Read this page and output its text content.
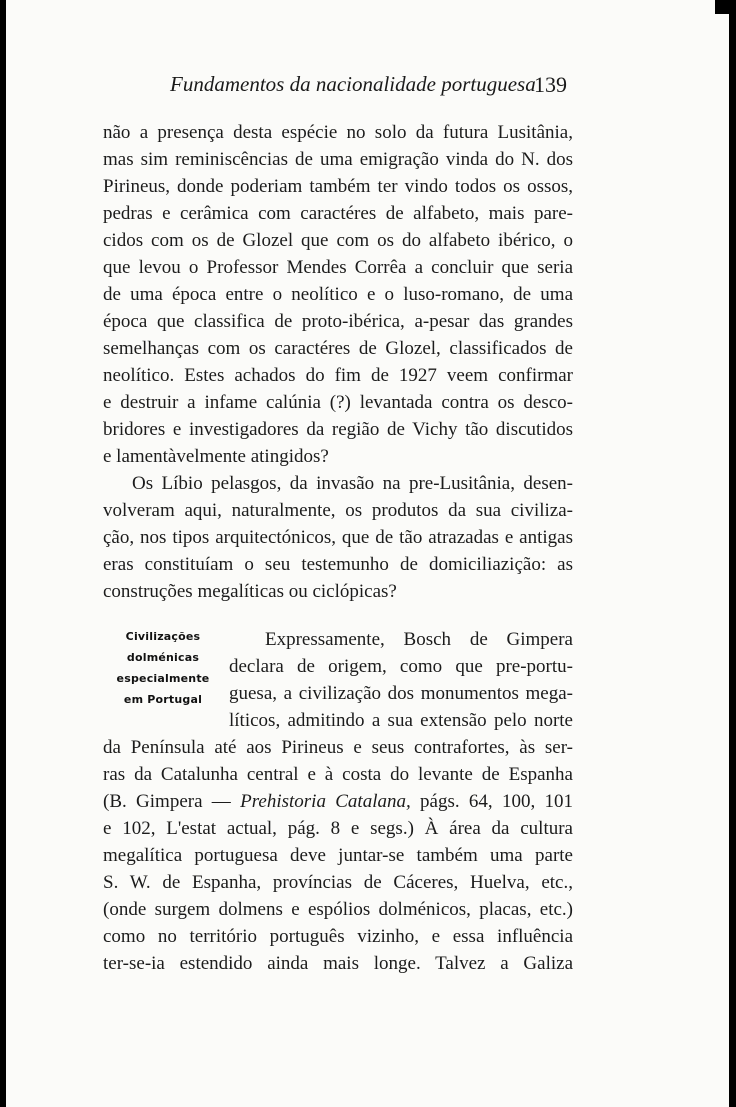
Fundamentos da nacionalidade portuguesa
139
não a presença desta espécie no solo da futura Lusitânia,
mas sim reminiscências de uma emigração vinda do N. dos
Pirineus, donde poderiam também ter vindo todos os ossos,
pedras e cerâmica com caractéres de alfabeto, mais pare-
cidos com os de Glozel que com os do alfabeto ibérico, o
que levou o Professor Mendes Corrêa a concluir que seria
de uma época entre o neolítico e o luso-romano, de uma
época que classifica de proto-ibérica, a-pesar das grandes
semelhanças com os caractéres de Glozel, classificados de
neolítico. Estes achados do fim de 1927 veem confirmar
e destruir a infame calúnia (?) levantada contra os desco-
bridores e investigadores da região de Vichy tão discutidos
e lamentàvelmente atingidos?
Os Líbio pelasgos, da invasão na pre-Lusitânia, desen-
volveram aqui, naturalmente, os produtos da sua civiliza-
ção, nos tipos arquitectónicos, que de tão atrazadas e antigas
eras constituíam o seu testemunho de domiciliazição: as
construções megalíticas ou ciclópicas?
Civilizações
dolménicas
especialmente
em Portugal
Expressamente, Bosch de Gimpera
declara de origem, como que pre-portu-
guesa, a civilização dos monumentos mega-
líticos, admitindo a sua extensão pelo norte
da Península até aos Pirineus e seus contrafortes, às ser-
ras da Catalunha central e à costa do levante de Espanha
(B. Gimpera — Prehistoria Catalana, págs. 64, 100, 101
e 102, L'estat actual, pág. 8 e segs.) À área da cultura
megalítica portuguesa deve juntar-se também uma parte
S. W. de Espanha, províncias de Cáceres, Huelva, etc.,
(onde surgem dolmens e espólios dolménicos, placas, etc.)
como no território português vizinho, e essa influência
ter-se-ia estendido ainda mais longe. Talvez a Galiza
